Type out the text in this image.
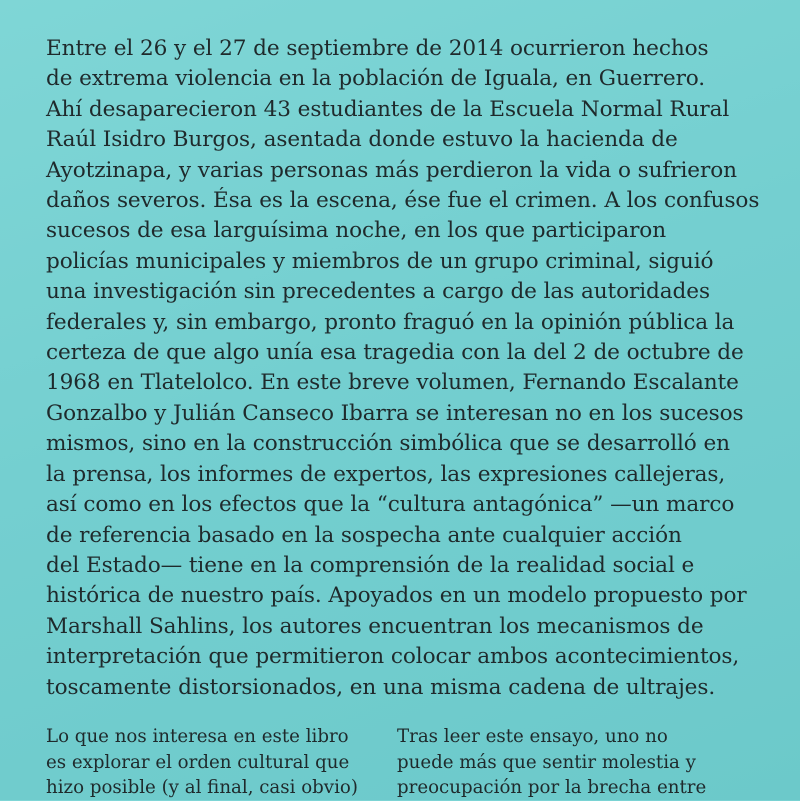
Entre el 26 y el 27 de septiembre de 2014 ocurrieron hechos
de extrema violencia en la población de Iguala, en Guerrero.
Ahí desaparecieron 43 estudiantes de la Escuela Normal Rural
Raúl Isidro Burgos, asentada donde estuvo la hacienda de
Ayotzinapa, y varias personas más perdieron la vida o sufrieron
daños severos. Ésa es la escena, ése fue el crimen. A los confusos
sucesos de esa larguísima noche, en los que participaron
policías municipales y miembros de un grupo criminal, siguió
una investigación sin precedentes a cargo de las autoridades
federales y, sin embargo, pronto fraguó en la opinión pública la
certeza de que algo unía esa tragedia con la del 2 de octubre de
1968 en Tlatelolco. En este breve volumen, Fernando Escalante
Gonzalbo y Julián Canseco Ibarra se interesan no en los sucesos
mismos, sino en la construcción simbólica que se desarrolló en
la prensa, los informes de expertos, las expresiones callejeras,
así como en los efectos que la “cultura antagónica” —un marco
de referencia basado en la sospecha ante cualquier acción
del Estado— tiene en la comprensión de la realidad social e
histórica de nuestro país. Apoyados en un modelo propuesto por
Marshall Sahlins, los autores encuentran los mecanismos de
interpretación que permitieron colocar ambos acontecimientos,
toscamente distorsionados, en una misma cadena de ultrajes.
Lo que nos interesa en este libro
es explorar el orden cultural que
hizo posible (y al final, casi obvio)
Tras leer este ensayo, uno no
puede más que sentir molestia y
preocupación por la brecha entre
